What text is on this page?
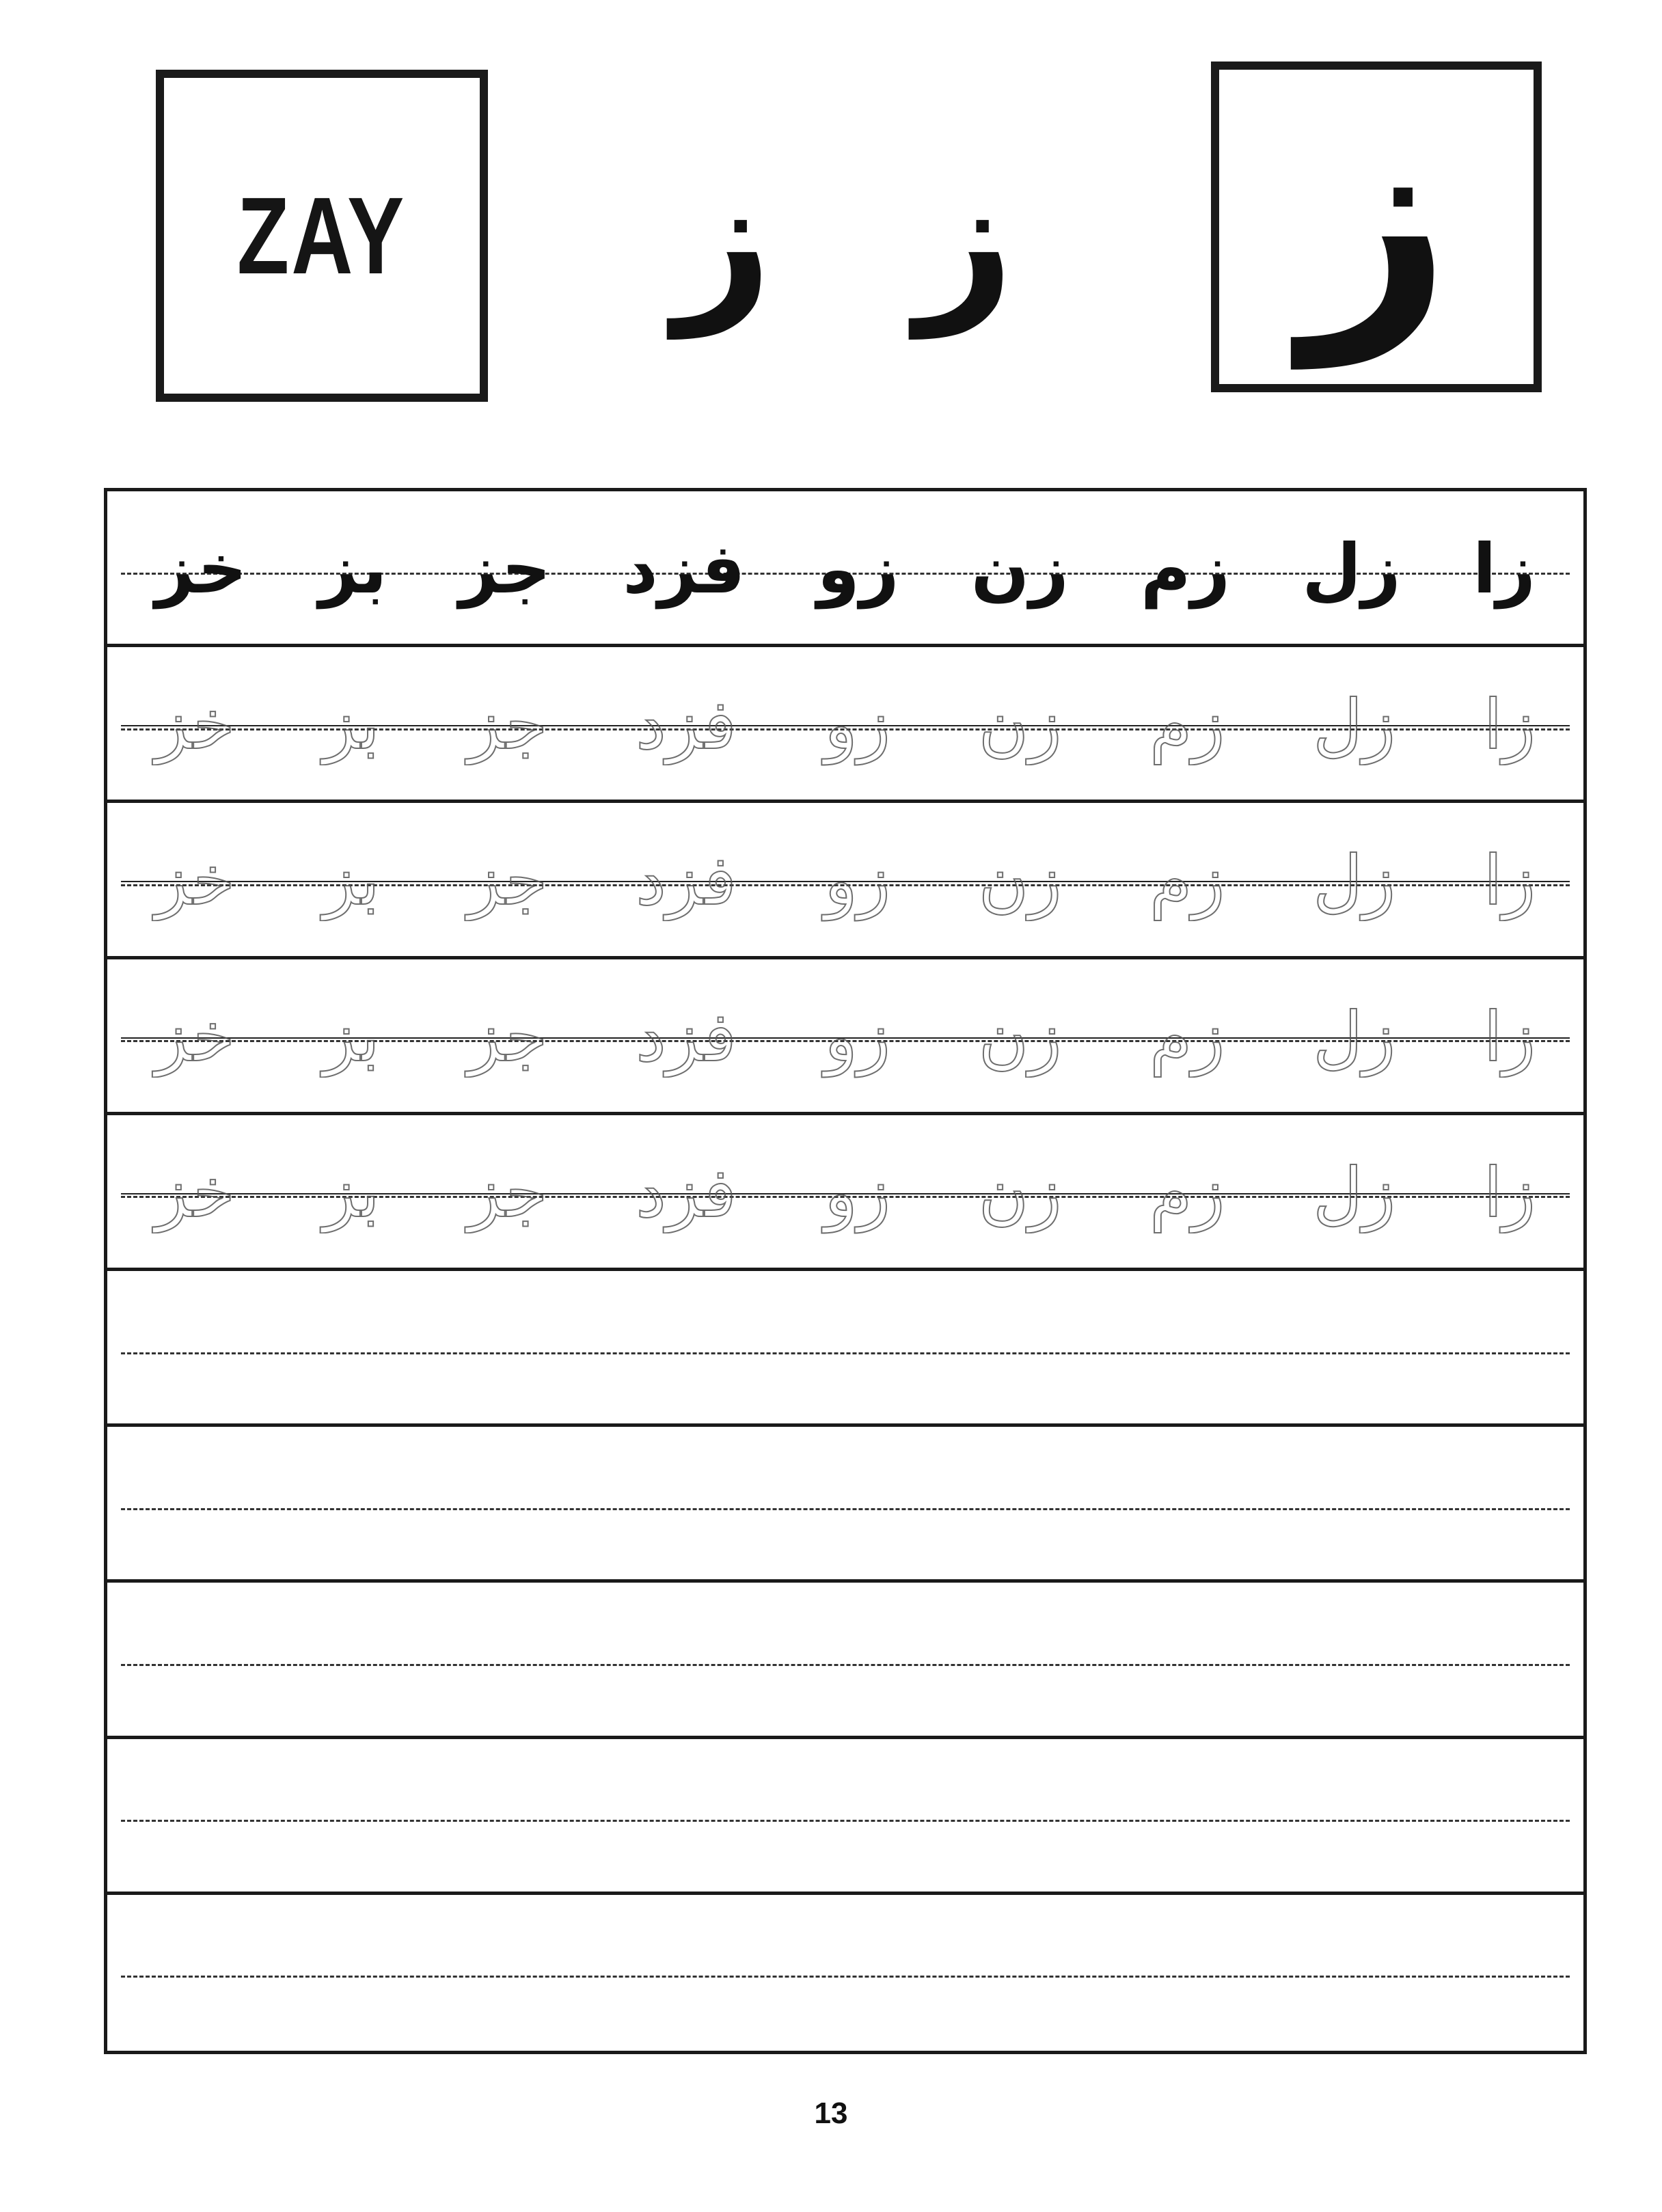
ZAY ز ز ز
زا
زل
زم
زن
زو
فزد
جز
بز
خز
زا
زل
زم
زن
زو
فزد
جز
بز
خز
زا
زل
زم
زن
زو
فزد
جز
بز
خز
زا
زل
زم
زن
زو
فزد
جز
بز
خز
زا
زل
زم
زن
زو
فزد
جز
بز
خز
13
